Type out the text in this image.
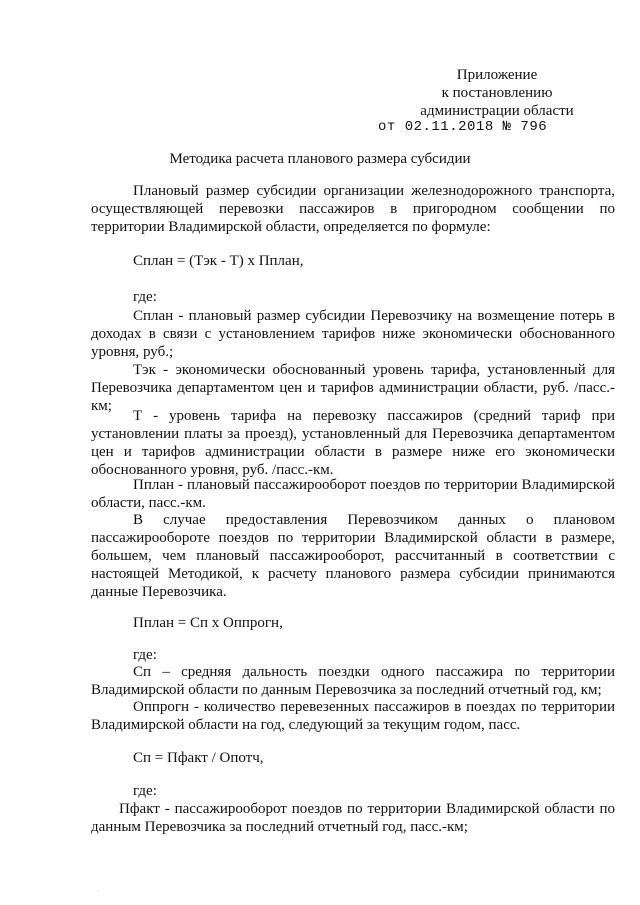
Приложение
к постановлению
администрации области
от 02.11.2018 № 796
Методика расчета планового размера субсидии

Плановый размер субсидии организации железнодорожного транспорта, осуществляющей перевозки пассажиров в пригородном сообщении по территории Владимирской области, определяется по формуле:

Сплан = (Тэк - Т) x Пплан,
где:

Сплан - плановый размер субсидии Перевозчику на возмещение потерь в доходах в связи с установлением тарифов ниже экономически обоснованного уровня, руб.;

Тэк - экономически обоснованный уровень тарифа, установленный для Перевозчика департаментом цен и тарифов администрации области, руб. /пасс.-км;

Т - уровень тарифа на перевозку пассажиров (средний тариф при установлении платы за проезд), установленный для Перевозчика департаментом цен и тарифов администрации области в размере ниже его экономически обоснованного уровня, руб. /пасс.-км.

Пплан - плановый пассажирооборот поездов по территории Владимирской области, пасс.-км.

В случае предоставления Перевозчиком данных о плановом пассажирообороте поездов по территории Владимирской области в размере, большем, чем плановый пассажирооборот, рассчитанный в соответствии с настоящей Методикой, к расчету планового размера субсидии принимаются данные Перевозчика.

Пплан = Сп x Оппрогн,
где:

Сп – средняя дальность поездки одного пассажира по территории Владимирской области по данным Перевозчика за последний отчетный год, км;

Оппрогн - количество перевезенных пассажиров в поездах по территории Владимирской области на год, следующий за текущим годом, пасс.

Сп = Пфакт / Опотч,
где:

Пфакт - пассажирооборот поездов по территории Владимирской области по данным Перевозчика за последний отчетный год, пасс.-км;

·
